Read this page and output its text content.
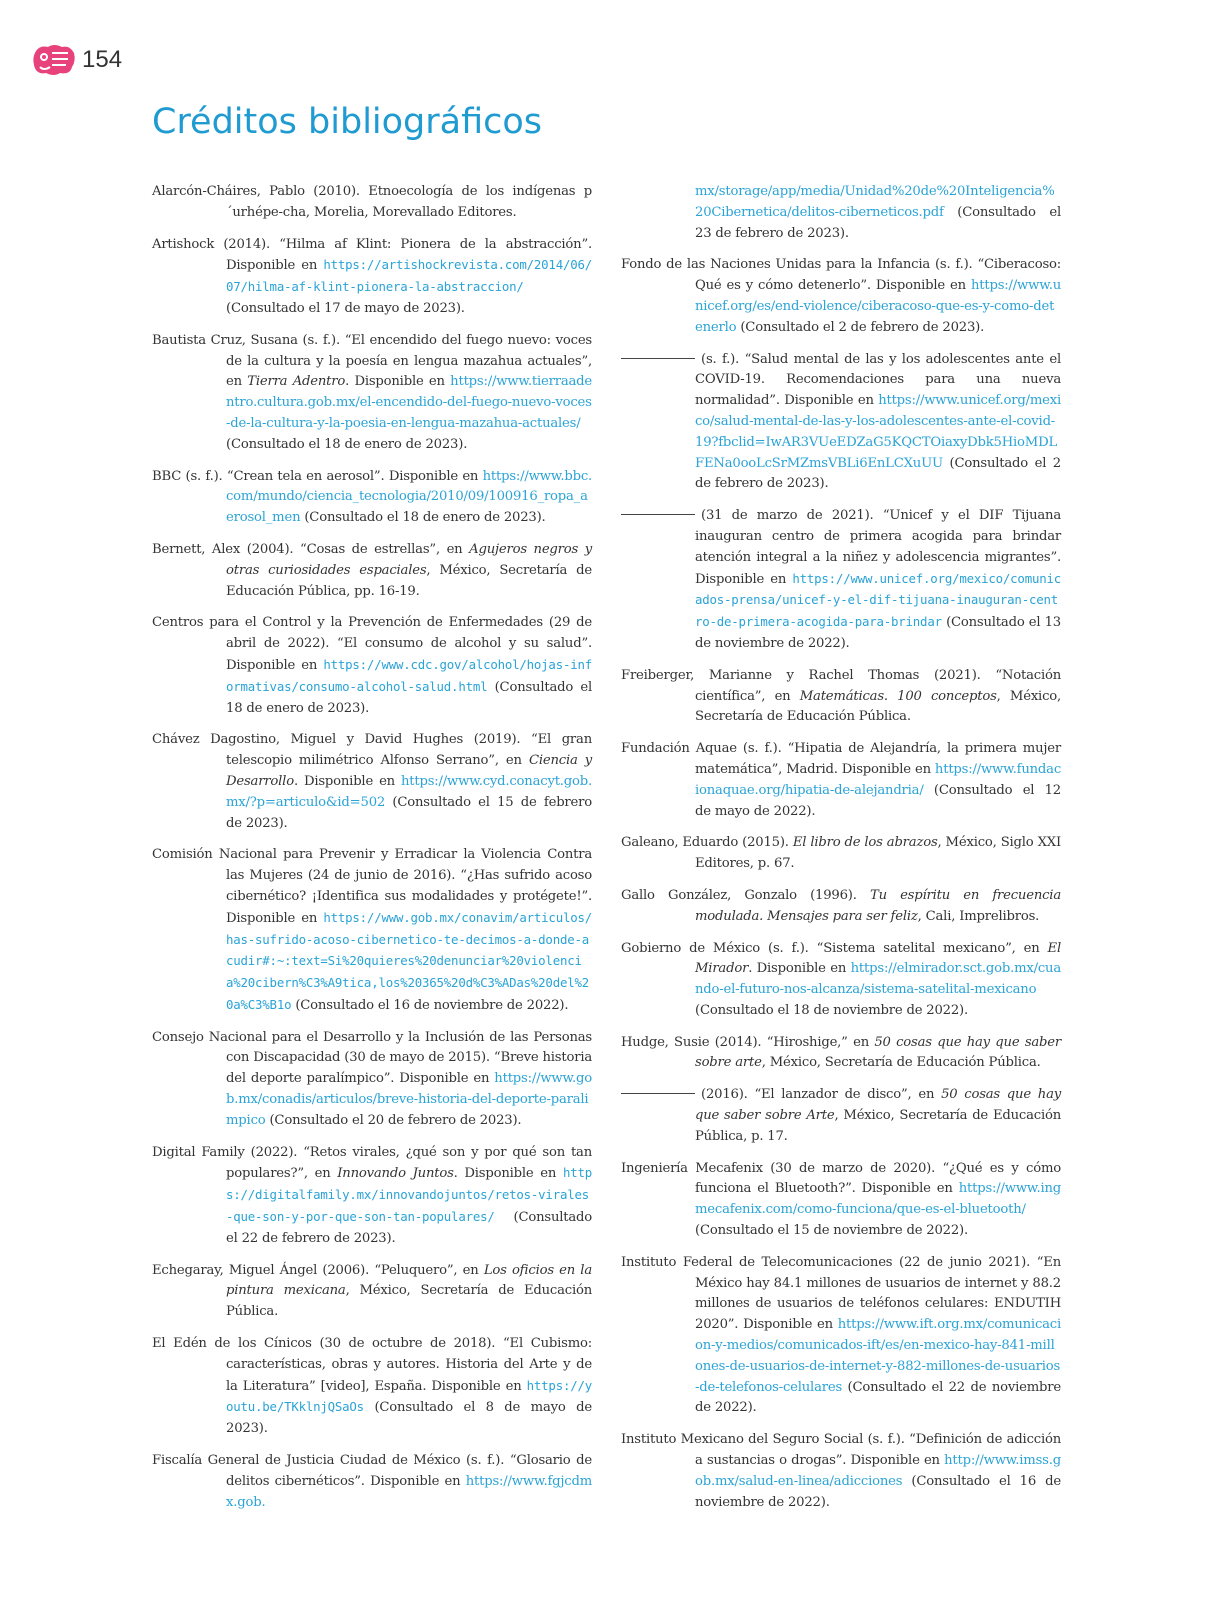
154
Créditos bibliográficos

Alarcón-Cháires, Pablo (2010). Etnoecología de los indígenas p´urhépe-cha, Morelia, Morevallado Editores.

Artishock (2014). “Hilma af Klint: Pionera de la abstracción”. Disponible en https://artishockrevista.com/2014/06/07/hilma-af-klint-pionera-la-abstraccion/ (Consultado el 17 de mayo de 2023).

Bautista Cruz, Susana (s. f.). “El encendido del fuego nuevo: voces de la cultura y la poesía en lengua mazahua actuales”, en Tierra Adentro. Disponible en https://www.tierraadentro.cultura.gob.mx/el-encendido-del-fuego-nuevo-voces-de-la-cultura-y-la-poesia-en-lengua-mazahua-actuales/ (Consultado el 18 de enero de 2023).

BBC (s. f.). “Crean tela en aerosol”. Disponible en https://www.bbc.com/mundo/ciencia_tecnologia/2010/09/100916_ropa_aerosol_men (Consultado el 18 de enero de 2023).

Bernett, Alex (2004). “Cosas de estrellas”, en Agujeros negros y otras curiosidades espaciales, México, Secretaría de Educación Pública, pp. 16-19.

Centros para el Control y la Prevención de Enfermedades (29 de abril de 2022). “El consumo de alcohol y su salud”. Disponible en https://www.cdc.gov/alcohol/hojas-informativas/consumo-alcohol-salud.html (Consultado el 18 de enero de 2023).

Chávez Dagostino, Miguel y David Hughes (2019). “El gran telescopio milimétrico Alfonso Serrano”, en Ciencia y Desarrollo. Disponible en https://www.cyd.conacyt.gob.mx/?p=articulo&id=502 (Consultado el 15 de febrero de 2023).

Comisión Nacional para Prevenir y Erradicar la Violencia Contra las Mujeres (24 de junio de 2016). “¿Has sufrido acoso cibernético? ¡Identifica sus modalidades y protégete!”. Disponible en https://www.gob.mx/conavim/articulos/has-sufrido-acoso-cibernetico-te-decimos-a-donde-acudir#:~:text=Si%20quieres%20denunciar%20violencia%20cibern%C3%A9tica,los%20365%20d%C3%ADas%20del%20a%C3%B1o (Consultado el 16 de noviembre de 2022).

Consejo Nacional para el Desarrollo y la Inclusión de las Personas con Discapacidad (30 de mayo de 2015). “Breve historia del deporte paralímpico”. Disponible en https://www.gob.mx/conadis/articulos/breve-historia-del-deporte-paralimpico (Consultado el 20 de febrero de 2023).

Digital Family (2022). “Retos virales, ¿qué son y por qué son tan populares?”, en Innovando Juntos. Disponible en https://digitalfamily.mx/innovandojuntos/retos-virales-que-son-y-por-que-son-tan-populares/ (Consultado el 22 de febrero de 2023).

Echegaray, Miguel Ángel (2006). “Peluquero”, en Los oficios en la pintura mexicana, México, Secretaría de Educación Pública.

El Edén de los Cínicos (30 de octubre de 2018). “El Cubismo: características, obras y autores. Historia del Arte y de la Literatura” [video], España. Disponible en https://youtu.be/TKklnjQSaOs (Consultado el 8 de mayo de 2023).

Fiscalía General de Justicia Ciudad de México (s. f.). “Glosario de delitos cibernéticos”. Disponible en https://www.fgjcdmx.gob.

mx/storage/app/media/Unidad%20de%20Inteligencia%20Cibernetica/delitos-ciberneticos.pdf (Consultado el 23 de febrero de 2023).

Fondo de las Naciones Unidas para la Infancia (s. f.). “Ciberacoso: Qué es y cómo detenerlo”. Disponible en https://www.unicef.org/es/end-violence/ciberacoso-que-es-y-como-detenerlo (Consultado el 2 de febrero de 2023).

(s. f.). “Salud mental de las y los adolescentes ante el COVID-19. Recomendaciones para una nueva normalidad”. Disponible en https://www.unicef.org/mexico/salud-mental-de-las-y-los-adolescentes-ante-el-covid-19?fbclid=IwAR3VUeEDZaG5KQCTOiaxyDbk5HioMDLFENa0ooLcSrMZmsVBLi6EnLCXuUU (Consultado el 2 de febrero de 2023).

(31 de marzo de 2021). “Unicef y el DIF Tijuana inauguran centro de primera acogida para brindar atención integral a la niñez y adolescencia migrantes”. Disponible en https://www.unicef.org/mexico/comunicados-prensa/unicef-y-el-dif-tijuana-inauguran-centro-de-primera-acogida-para-brindar (Consultado el 13 de noviembre de 2022).

Freiberger, Marianne y Rachel Thomas (2021). “Notación científica”, en Matemáticas. 100 conceptos, México, Secretaría de Educación Pública.

Fundación Aquae (s. f.). “Hipatia de Alejandría, la primera mujer matemática”, Madrid. Disponible en https://www.fundacionaquae.org/hipatia-de-alejandria/ (Consultado el 12 de mayo de 2022).

Galeano, Eduardo (2015). El libro de los abrazos, México, Siglo XXI Editores, p. 67.

Gallo González, Gonzalo (1996). Tu espíritu en frecuencia modulada. Mensajes para ser feliz, Cali, Imprelibros.

Gobierno de México (s. f.). “Sistema satelital mexicano”, en El Mirador. Disponible en https://elmirador.sct.gob.mx/cuando-el-futuro-nos-alcanza/sistema-satelital-mexicano (Consultado el 18 de noviembre de 2022).

Hudge, Susie (2014). “Hiroshige,” en 50 cosas que hay que saber sobre arte, México, Secretaría de Educación Pública.

(2016). “El lanzador de disco”, en 50 cosas que hay que saber sobre Arte, México, Secretaría de Educación Pública, p. 17.

Ingeniería Mecafenix (30 de marzo de 2020). “¿Qué es y cómo funciona el Bluetooth?”. Disponible en https://www.ingmecafenix.com/como-funciona/que-es-el-bluetooth/ (Consultado el 15 de noviembre de 2022).

Instituto Federal de Telecomunicaciones (22 de junio 2021). “En México hay 84.1 millones de usuarios de internet y 88.2 millones de usuarios de teléfonos celulares: ENDUTIH 2020”. Disponible en https://www.ift.org.mx/comunicacion-y-medios/comunicados-ift/es/en-mexico-hay-841-millones-de-usuarios-de-internet-y-882-millones-de-usuarios-de-telefonos-celulares (Consultado el 22 de noviembre de 2022).

Instituto Mexicano del Seguro Social (s. f.). “Definición de adicción a sustancias o drogas”. Disponible en http://www.imss.gob.mx/salud-en-linea/adicciones (Consultado el 16 de noviembre de 2022).
